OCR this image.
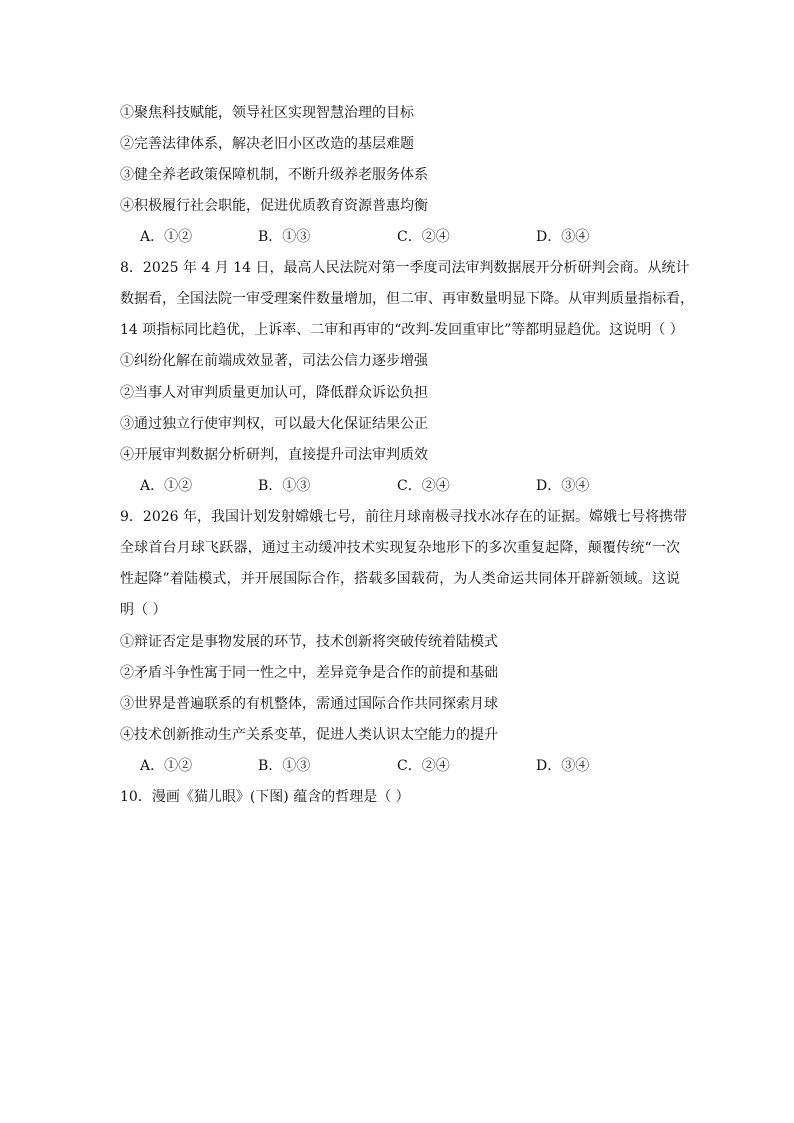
①聚焦科技赋能，领导社区实现智慧治理的目标
②完善法律体系，解决老旧小区改造的基层难题
③健全养老政策保障机制，不断升级养老服务体系
④积极履行社会职能，促进优质教育资源普惠均衡
A．①②	B．①③	C．②④	D．③④
8．2025 年 4 月 14 日，最高人民法院对第一季度司法审判数据展开分析研判会商。从统计
数据看，全国法院一审受理案件数量增加，但二审、再审数量明显下降。从审判质量指标看，
14 项指标同比趋优，上诉率、二审和再审的“改判-发回重审比”等都明显趋优。这说明（ ）
①纠纷化解在前端成效显著，司法公信力逐步增强
②当事人对审判质量更加认可，降低群众诉讼负担
③通过独立行使审判权，可以最大化保证结果公正
④开展审判数据分析研判，直接提升司法审判质效
A．①②	B．①③	C．②④	D．③④
9．2026 年，我国计划发射嫦娥七号，前往月球南极寻找水冰存在的证据。嫦娥七号将携带
全球首台月球飞跃器，通过主动缓冲技术实现复杂地形下的多次重复起降，颠覆传统“一次
性起降”着陆模式，并开展国际合作，搭载多国载荷，为人类命运共同体开辟新领域。这说
明（ ）
①辩证否定是事物发展的环节，技术创新将突破传统着陆模式
②矛盾斗争性寓于同一性之中，差异竞争是合作的前提和基础
③世界是普遍联系的有机整体，需通过国际合作共同探索月球
④技术创新推动生产关系变革，促进人类认识太空能力的提升
A．①②	B．①③	C．②④	D．③④
10．漫画《猫儿眼》(下图) 蕴含的哲理是（ ）
